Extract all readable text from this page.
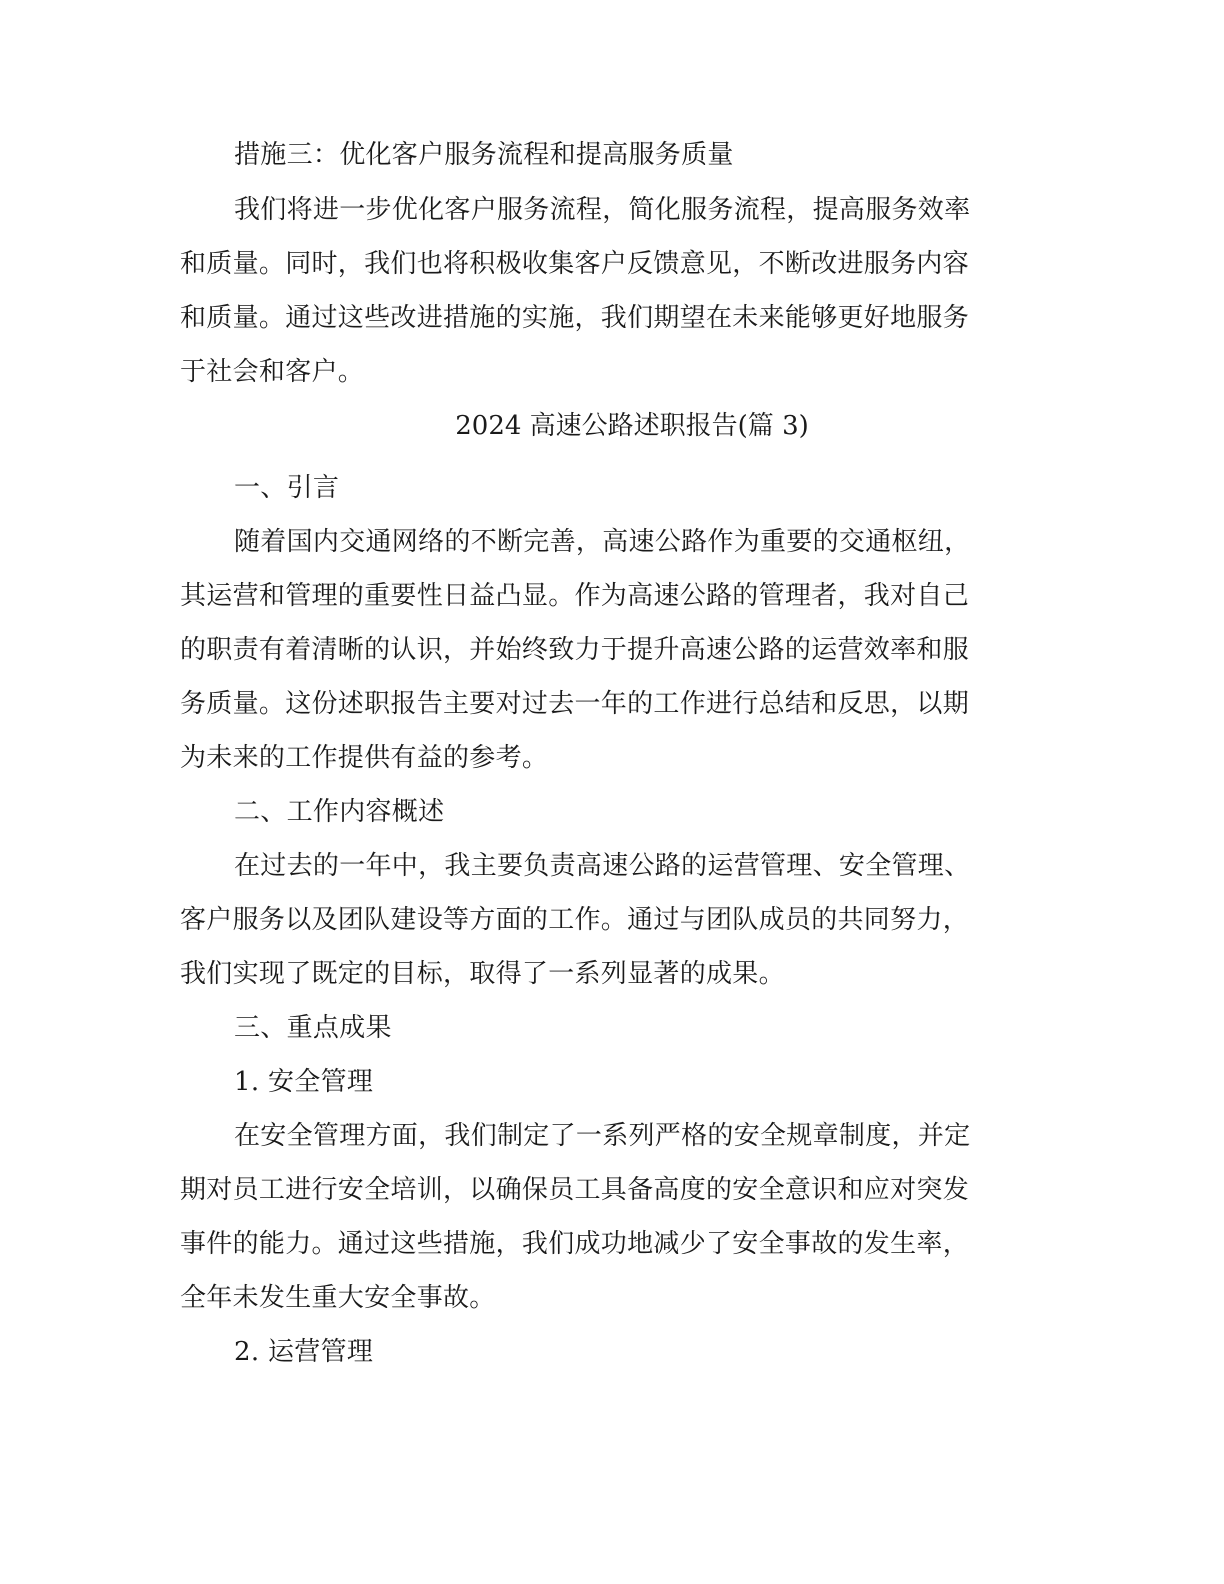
措施三：优化客户服务流程和提高服务质量
我们将进一步优化客户服务流程，简化服务流程，提高服务效率
和质量。同时，我们也将积极收集客户反馈意见，不断改进服务内容
和质量。通过这些改进措施的实施，我们期望在未来能够更好地服务
于社会和客户。
2024 高速公路述职报告(篇 3)
一、引言
随着国内交通网络的不断完善，高速公路作为重要的交通枢纽，
其运营和管理的重要性日益凸显。作为高速公路的管理者，我对自己
的职责有着清晰的认识，并始终致力于提升高速公路的运营效率和服
务质量。这份述职报告主要对过去一年的工作进行总结和反思，以期
为未来的工作提供有益的参考。
二、工作内容概述
在过去的一年中，我主要负责高速公路的运营管理、安全管理、
客户服务以及团队建设等方面的工作。通过与团队成员的共同努力，
我们实现了既定的目标，取得了一系列显著的成果。
三、重点成果
1. 安全管理
在安全管理方面，我们制定了一系列严格的安全规章制度，并定
期对员工进行安全培训，以确保员工具备高度的安全意识和应对突发
事件的能力。通过这些措施，我们成功地减少了安全事故的发生率，
全年未发生重大安全事故。
2. 运营管理
